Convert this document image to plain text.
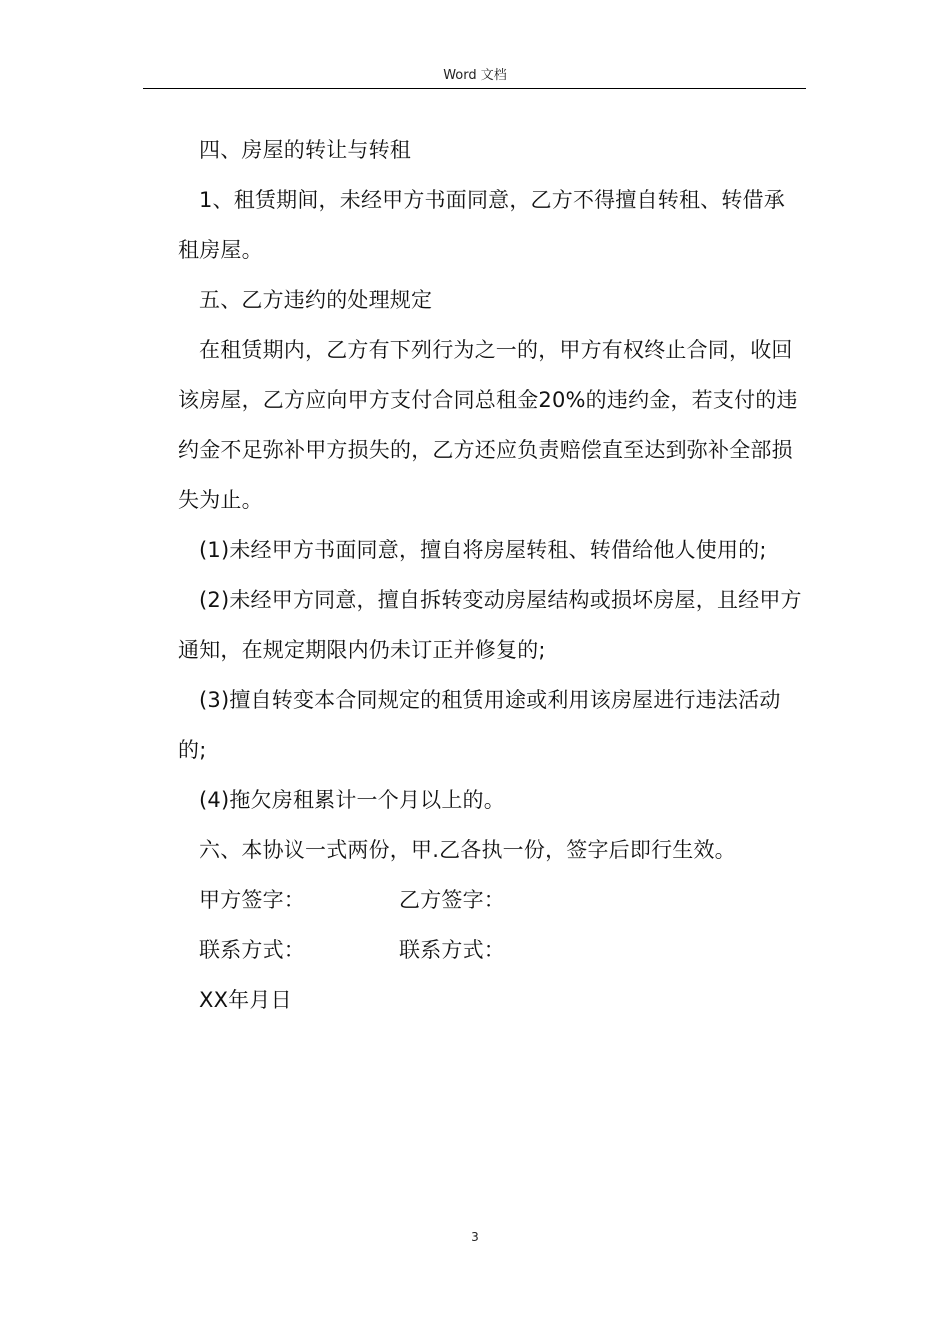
Word 文档

四、房屋的转让与转租

1、租赁期间，未经甲方书面同意，乙方不得擅自转租、转借承租房屋。

五、乙方违约的处理规定

在租赁期内，乙方有下列行为之一的，甲方有权终止合同，收回该房屋，乙方应向甲方支付合同总租金20%的违约金，若支付的违约金不足弥补甲方损失的，乙方还应负责赔偿直至达到弥补全部损失为止。

(1)未经甲方书面同意，擅自将房屋转租、转借给他人使用的;

(2)未经甲方同意，擅自拆转变动房屋结构或损坏房屋，且经甲方通知，在规定期限内仍未订正并修复的;

(3)擅自转变本合同规定的租赁用途或利用该房屋进行违法活动的;

(4)拖欠房租累计一个月以上的。

六、本协议一式两份，甲.乙各执一份，签字后即行生效。

甲方签字：	乙方签字：
联系方式：	联系方式：
XX年月日
3
